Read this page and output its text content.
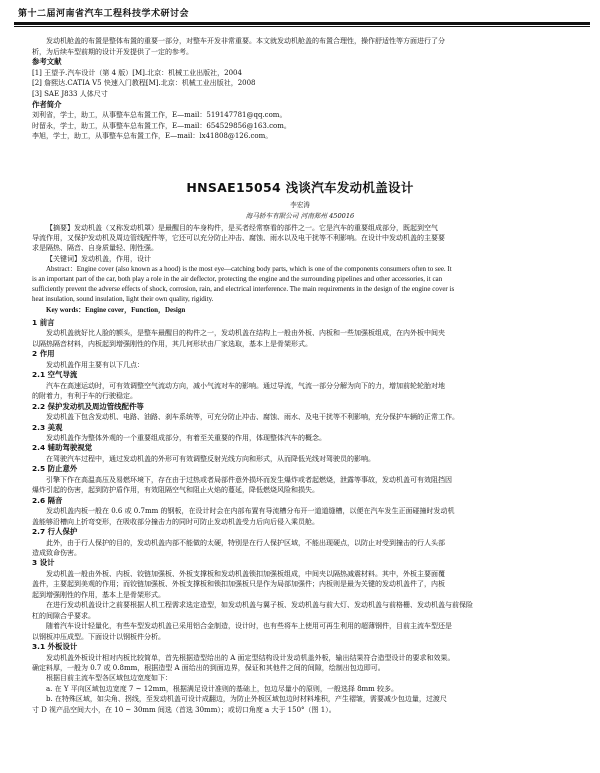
第十二届河南省汽车工程科技学术研讨会
发动机舱盖的布置是整体布置的重要一部分，对整车开发非常重要。本文就发动机舱盖的布置合理性，操作舒适性等方面进行了分
析，为后续车型前期的设计开发提供了一定的参考。
参考文献
[1] 王望予.汽车设计（第 4 版）[M].北京：机械工业出版社，2004
[2] 詹熙达.CATIA V5 快速入门教程[M].北京：机械工业出版社，2008
[3] SAE J833 人体尺寸
作者简介
刘利省，学士，助工，从事整车总布置工作，E—mail：519147781@qq.com。
时留永，学士，助工，从事整车总布置工作，E—mail：654529856@163.com。
李旭，学士，助工，从事整车总布置工作，E—mail：lx41808@126.com。
HNSAE15054 浅谈汽车发动机盖设计
李宏涛
海马轿车有限公司 河南郑州 450016
【摘要】发动机盖（又称发动机罩）是最醒目的车身构件，是买者经常察看的部件之一。它是汽车的重要组成部分，既起到空气
导流作用，又保护发动机及周边管线配件等，它还可以充分防止冲击、腐蚀、雨水以及电干扰等不利影响。在设计中发动机盖的主要要
求是隔热、隔音、自身质量轻、刚性强。
【关键词】发动机盖，作用，设计
Abstract：Engine cover (also known as a hood) is the most eye—catching body parts, which is one of the components consumers often to see. It
is an important part of the car, both play a role in the air deflector, protecting the engine and the surrounding pipelines and other accessories, it can
sufficiently prevent the adverse effects of shock, corrosion, rain, and electrical interference. The main requirements in the design of the engine cover is
heat insulation, sound insulation, light their own quality, rigidity.
Key words：Engine cover，Function，Design
1 前言
发动机盖就好比人脸的额头，是整车最醒目的构件之一，发动机盖在结构上一般由外板、内板和一些加强板组成，在内外板中间夹
以隔热隔音材料，内板起到增强刚性的作用，其几何形状由厂家选取，基本上是骨架形式。
2 作用
发动机盖作用主要有以下几点：
2.1 空气导流
汽车在高速运动时，可有效调整空气流动方向，减小气流对车的影响。通过导流，气流一部分分解为向下的力，增加前轮轮胎对地
的附着力，有利于车的行驶稳定。
2.2 保护发动机及周边管线配件等
发动机盖下包含发动机、电路、油路、刹车系统等，可充分防止冲击、腐蚀、雨水、及电干扰等不利影响，充分保护车辆的正常工作。
2.3 美观
发动机盖作为整体外观的一个重要组成部分，有着至关重要的作用，体现整体汽车的概念。
2.4 辅助驾驶视觉
在驾驶汽车过程中，通过发动机盖的外形可有效调整反射光线方向和形式，从而降低光线对驾驶员的影响。
2.5 防止意外
引擎下作在高温高压及易燃环境下，存在由于过热或者局部件意外损坏而发生爆炸或者起燃烧，泄露等事故，发动机盖可有效阻挡因
爆炸引起的伤害，起到防护盾作用，有效阻隔空气和阻止火焰的蔓延，降低燃烧风险和损失。
2.6 隔音
发动机盖内板一般在 0.6 或 0.7mm 的钢板，在设计时会在内部布置有导流槽分布开一道道缝槽，以便在汽车发生正面碰撞时发动机
盖能够沿槽向上折弯变形，在吸收部分撞击力的同时可防止发动机盖受力后向后侵入乘员舱。
2.7 行人保护
此外，由于行人保护的目的，发动机盖内部不能做的太硬，特别是在行人保护区域，不能出现硬点，以防止对受到撞击的行人头部
造成致命伤害。
3 设计
发动机盖一般由外板、内板、铰链加强板、外板支撑板和发动机盖锁扣加强板组成，中间夹以隔热减震材料。其中，外板主要面覆
盖件，主要起到美观的作用；而铰链加强板、外板支撑板和锁扣加强板只是作为局部加强件；内板则是最为关键的发动机盖件了，内板
起到增强刚性的作用，基本上是骨架形式。
在进行发动机盖设计之前要根据人机工程需求选定造型，如发动机盖与翼子板、发动机盖与前大灯、发动机盖与前格栅、发动机盖与前保险
杠的间隙合乎要求。
随着汽车设计轻量化，有些车型发动机盖已采用铝合金制造，设计时，也有些将车上使用可再生利用的超薄钢件，目前主流车型还是
以钢板冲压成型。下面设计以钢板件分析。
3.1 外板设计
发动机盖外板设计相对内板比较简单，首先根据造型给出的 A 面定型结构设计发动机盖外板，输出结果符合造型设计的要求和效果。
确定料厚，一般为 0.7 或 0.8mm，根据造型 A 面给出的到面边界，保证和其他件之间的间隙，绘制出包边即可。
根据目前主流车型各区域包边宽度如下：
a. 在 Y 平向区域包边宽度 7 ~ 12mm，根据满足设计准则的基础上，包边尽量小的原则，一般选择 8mm 较多。
b. 在特殊区域，如尖角、拐线，至发动机盖可设计成翻边，为防止外板区域包边时材料堆积，产生褶皱，需要减少包边量，过渡尺
寸 D 视产品空间大小，在 10 ~ 30mm 间选（首选 30mm）；或切口角度 a 大于 150°（图 1）。
